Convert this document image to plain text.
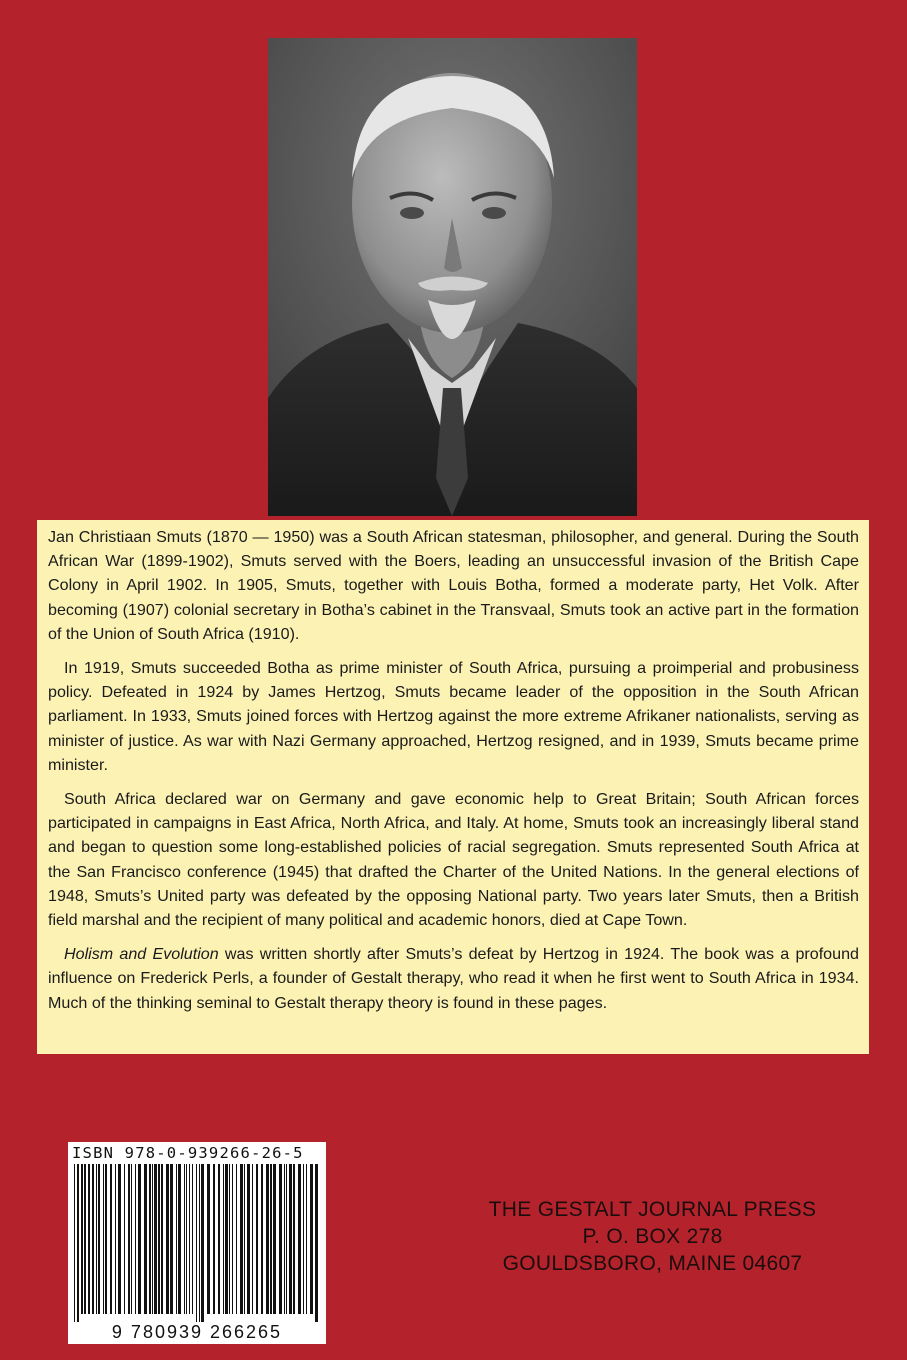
Jan Christiaan Smuts (1870 — 1950) was a South African statesman, philosopher, and general. During the South African War (1899-1902), Smuts served with the Boers, leading an unsuccessful invasion of the British Cape Colony in April 1902. In 1905, Smuts, together with Louis Botha, formed a moderate party, Het Volk. After becoming (1907) colonial secretary in Botha’s cabinet in the Transvaal, Smuts took an active part in the formation of the Union of South Africa (1910).

In 1919, Smuts succeeded Botha as prime minister of South Africa, pursuing a proimperial and probusiness policy. Defeated in 1924 by James Hertzog, Smuts became leader of the opposition in the South African parliament. In 1933, Smuts joined forces with Hertzog against the more extreme Afrikaner nationalists, serving as minister of justice. As war with Nazi Germany approached, Hertzog resigned, and in 1939, Smuts became prime minister.

South Africa declared war on Germany and gave economic help to Great Britain; South African forces participated in campaigns in East Africa, North Africa, and Italy. At home, Smuts took an increasingly liberal stand and began to question some long-established policies of racial segregation. Smuts represented South Africa at the San Francisco conference (1945) that drafted the Charter of the United Nations. In the general elections of 1948, Smuts’s United party was defeated by the opposing National party. Two years later Smuts, then a British field marshal and the recipient of many political and academic honors, died at Cape Town.

Holism and Evolution was written shortly after Smuts’s defeat by Hertzog in 1924. The book was a profound influence on Frederick Perls, a founder of Gestalt therapy, who read it when he first went to South Africa in 1934. Much of the thinking seminal to Gestalt therapy theory is found in these pages.

ISBN 978-0-939266-26-5
9 780939 266265
THE GESTALT JOURNAL PRESS
P. O. BOX 278
GOULDSBORO, MAINE 04607
